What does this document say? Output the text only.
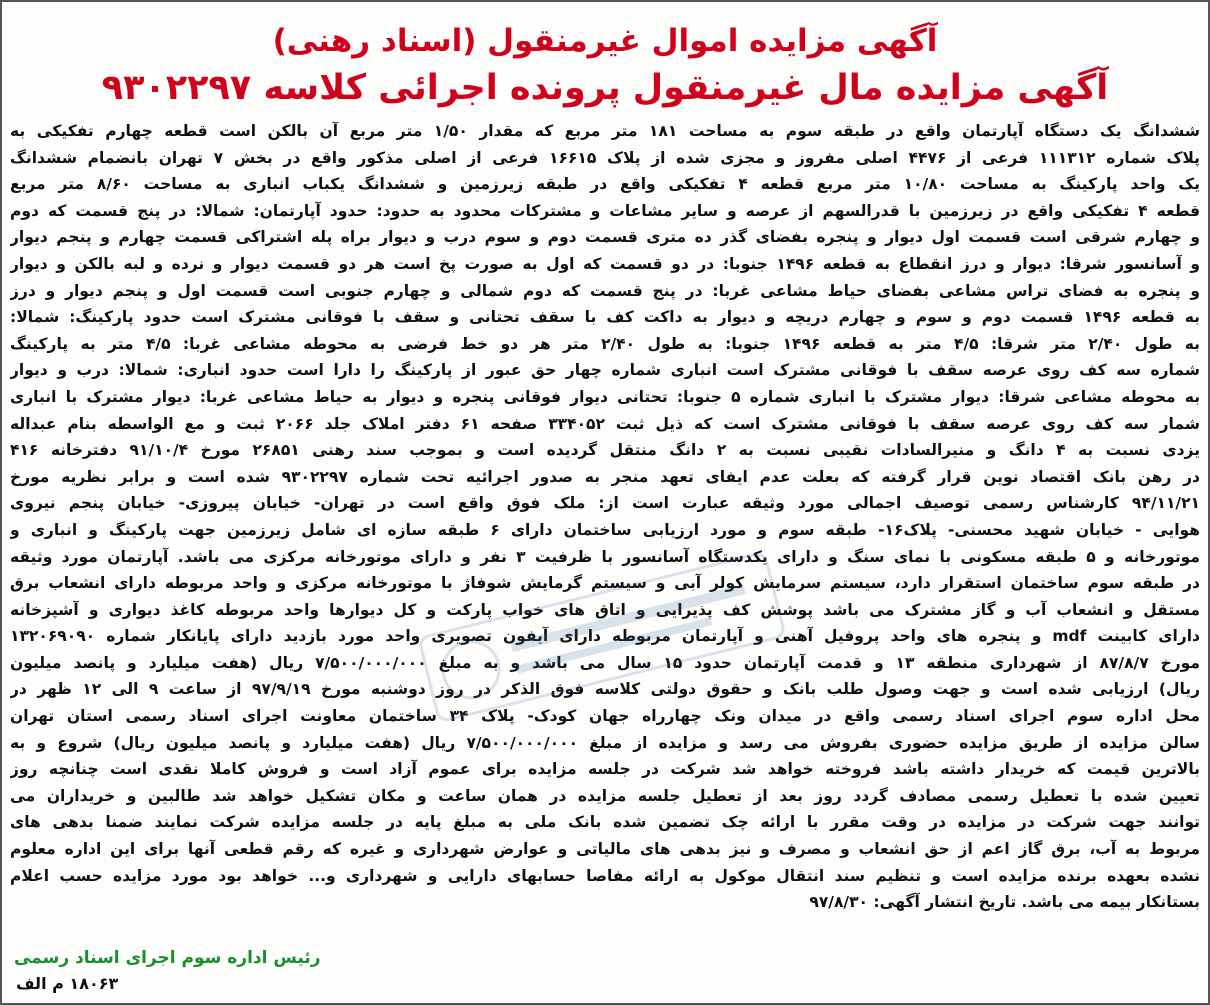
آگهی مزایده اموال غیرمنقول (اسناد رهنی)
آگهی مزایده مال غیرمنقول پرونده اجرائی کلاسه ۹۳۰۲۲۹۷
ششدانگ یک دستگاه آپارتمان واقع در طبقه سوم به مساحت ۱۸۱ متر مربع که مقدار ۱/۵۰ متر مربع آن بالکن است قطعه چهارم تفکیکی به
پلاک شماره ۱۱۱۳۱۲ فرعی از ۴۴۷۶ اصلی مفروز و مجزی شده از پلاک ۱۶۶۱۵ فرعی از اصلی مذکور واقع در بخش ۷ تهران بانضمام ششدانگ
یک واحد پارکینگ به مساحت ۱۰/۸۰ متر مربع قطعه ۴ تفکیکی واقع در طبقه زیرزمین و ششدانگ یکباب انباری به مساحت ۸/۶۰ متر مربع
قطعه ۴ تفکیکی واقع در زیرزمین با قدرالسهم از عرصه و سایر مشاعات و مشترکات محدود به حدود: حدود آپارتمان: شمالا: در پنج قسمت که دوم
و چهارم شرقی است قسمت اول دیوار و پنجره بفضای گذر ده متری قسمت دوم و سوم درب و دیوار براه پله اشتراکی قسمت چهارم و پنجم دیوار
و آسانسور شرقا: دیوار و درز انقطاع به قطعه ۱۴۹۶ جنوبا: در دو قسمت که اول به صورت پخ است هر دو قسمت دیوار و نرده و لبه بالکن و دیوار
و پنجره به فضای تراس مشاعی بفضای حیاط مشاعی غربا: در پنج قسمت که دوم شمالی و چهارم جنوبی است قسمت اول و پنجم دیوار و درز
به قطعه ۱۴۹۶ قسمت دوم و سوم و چهارم دریچه و دیوار به داکت کف با سقف تحتانی و سقف با فوقانی مشترک است حدود پارکینگ: شمالا:
به طول ۲/۴۰ متر شرقا: ۴/۵ متر به قطعه ۱۴۹۶ جنوبا: به طول ۲/۴۰ متر هر دو خط فرضی به محوطه مشاعی غربا: ۴/۵ متر به پارکینگ
شماره سه کف روی عرصه سقف با فوقانی مشترک است انباری شماره چهار حق عبور از پارکینگ را دارا است حدود انباری: شمالا: درب و دیوار
به محوطه مشاعی شرقا: دیوار مشترک با انباری شماره ۵ جنوبا: تحتانی دیوار فوقانی پنجره و دیوار به حیاط مشاعی غربا: دیوار مشترک با انباری
شمار سه کف روی عرصه سقف با فوقانی مشترک است که ذیل ثبت ۳۳۴۰۵۲ صفحه ۶۱ دفتر املاک جلد ۲۰۶۶ ثبت و مع الواسطه بنام عبداله
یزدی نسبت به ۴ دانگ و منیرالسادات نقیبی نسبت به ۲ دانگ منتقل گردیده است و بموجب سند رهنی ۲۶۸۵۱ مورخ ۹۱/۱۰/۴ دفترخانه ۴۱۶
در رهن بانک اقتصاد نوین قرار گرفته که بعلت عدم ایفای تعهد منجر به صدور اجرائیه تحت شماره ۹۳۰۲۲۹۷ شده است و برابر نظریه مورخ
۹۴/۱۱/۲۱ کارشناس رسمی توصیف اجمالی مورد وثیقه عبارت است از: ملک فوق واقع است در تهران- خیابان پیروزی- خیابان پنجم نیروی
هوایی - خیابان شهید محسنی- پلاک۱۶- طبقه سوم و مورد ارزیابی ساختمان دارای ۶ طبقه سازه ای شامل زیرزمین جهت پارکینگ و انباری و
موتورخانه و ۵ طبقه مسکونی با نمای سنگ و دارای یکدستگاه آسانسور با ظرفیت ۳ نفر و دارای موتورخانه مرکزی می باشد. آپارتمان مورد وثیقه
در طبقه سوم ساختمان استقرار دارد، سیستم سرمایش کولر آبی و سیستم گرمایش شوفاژ با موتورخانه مرکزی و واحد مربوطه دارای انشعاب برق
مستقل و انشعاب آب و گاز مشترک می باشد پوشش کف پذیرایی و اتاق های خواب پارکت و کل دیوارها واحد مربوطه کاغذ دیواری و آشپزخانه
دارای کابینت mdf و پنجره های واحد پروفیل آهنی و آپارتمان مربوطه دارای آیفون تصویری واحد مورد بازدید دارای پایانکار شماره ۱۳۲۰۶۹۰۹۰
مورخ ۸۷/۸/۷ از شهرداری منطقه ۱۳ و قدمت آپارتمان حدود ۱۵ سال می باشد و به مبلغ ۷/۵۰۰/۰۰۰/۰۰۰ ریال (هفت میلیارد و پانصد میلیون
ریال) ارزیابی شده است و جهت وصول طلب بانک و حقوق دولتی کلاسه فوق الذکر در روز دوشنبه مورخ ۹۷/۹/۱۹ از ساعت ۹ الی ۱۲ ظهر در
محل اداره سوم اجرای اسناد رسمی واقع در میدان ونک چهارراه جهان کودک- پلاک ۳۴ ساختمان معاونت اجرای اسناد رسمی استان تهران
سالن مزایده از طریق مزایده حضوری بفروش می رسد و مزایده از مبلغ ۷/۵۰۰/۰۰۰/۰۰۰ ریال (هفت میلیارد و پانصد میلیون ریال) شروع و به
بالاترین قیمت که خریدار داشته باشد فروخته خواهد شد شرکت در جلسه مزایده برای عموم آزاد است و فروش کاملا نقدی است چنانچه روز
تعیین شده با تعطیل رسمی مصادف گردد روز بعد از تعطیل جلسه مزایده در همان ساعت و مکان تشکیل خواهد شد طالبین و خریداران می
توانند جهت شرکت در مزایده در وقت مقرر با ارائه چک تضمین شده بانک ملی به مبلغ پایه در جلسه مزایده شرکت نمایند ضمنا بدهی های
مربوط به آب، برق گاز اعم از حق انشعاب و مصرف و نیز بدهی های مالیاتی و عوارض شهرداری و غیره که رقم قطعی آنها برای این اداره معلوم
نشده بعهده برنده مزایده است و تنظیم سند انتقال موکول به ارائه مفاصا حسابهای دارایی و شهرداری و... خواهد بود مورد مزایده حسب اعلام
بستانکار بیمه می باشد. تاریخ انتشار آگهی: ۹۷/۸/۳۰
رئیس اداره سوم اجرای اسناد رسمی
۱۸۰۶۳ م الف
